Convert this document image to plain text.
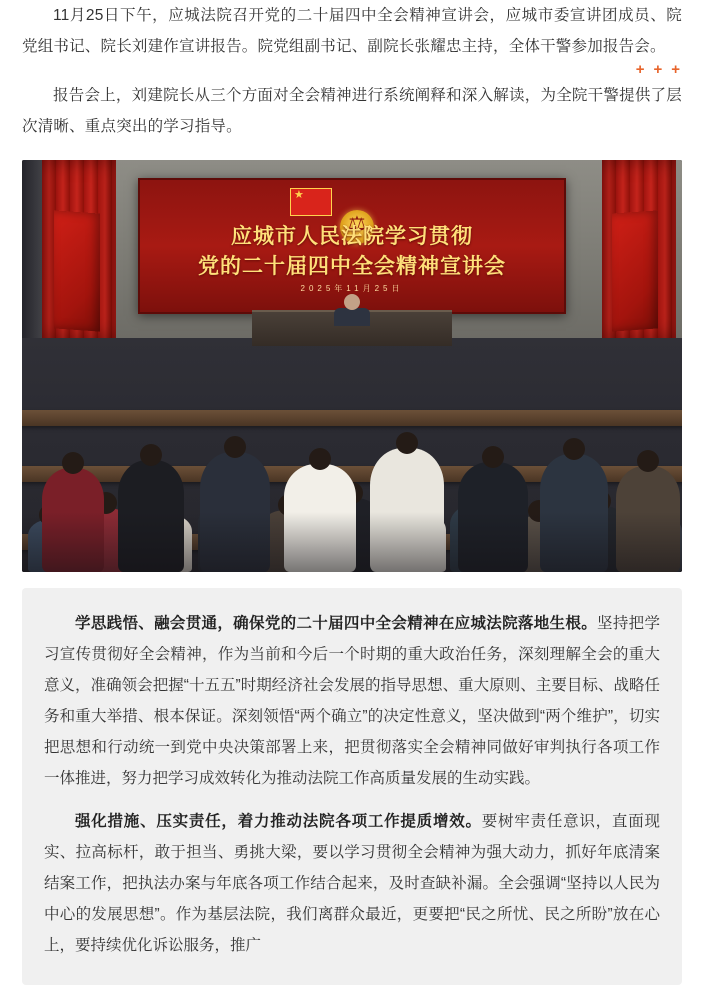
+ + +

11月25日下午，应城法院召开党的二十届四中全会精神宣讲会，应城市委宣讲团成员、院党组书记、院长刘建作宣讲报告。院党组副书记、副院长张耀忠主持，全体干警参加报告会。

报告会上，刘建院长从三个方面对全会精神进行系统阐释和深入解读，为全院干警提供了层次清晰、重点突出的学习指导。

★
⚖
应城市人民法院学习贯彻
党的二十届四中全会精神宣讲会
2025年11月25日

学思践悟、融会贯通，确保党的二十届四中全会精神在应城法院落地生根。坚持把学习宣传贯彻好全会精神，作为当前和今后一个时期的重大政治任务，深刻理解全会的重大意义，准确领会把握“十五五”时期经济社会发展的指导思想、重大原则、主要目标、战略任务和重大举措、根本保证。深刻领悟“两个确立”的决定性意义，坚决做到“两个维护”，切实把思想和行动统一到党中央决策部署上来，把贯彻落实全会精神同做好审判执行各项工作一体推进，努力把学习成效转化为推动法院工作高质量发展的生动实践。

强化措施、压实责任，着力推动法院各项工作提质增效。要树牢责任意识，直面现实、拉高标杆，敢于担当、勇挑大梁，要以学习贯彻全会精神为强大动力，抓好年底清案结案工作，把执法办案与年底各项工作结合起来，及时查缺补漏。全会强调“坚持以人民为中心的发展思想”。作为基层法院，我们离群众最近，更要把“民之所忧、民之所盼”放在心上，要持续优化诉讼服务，推广
